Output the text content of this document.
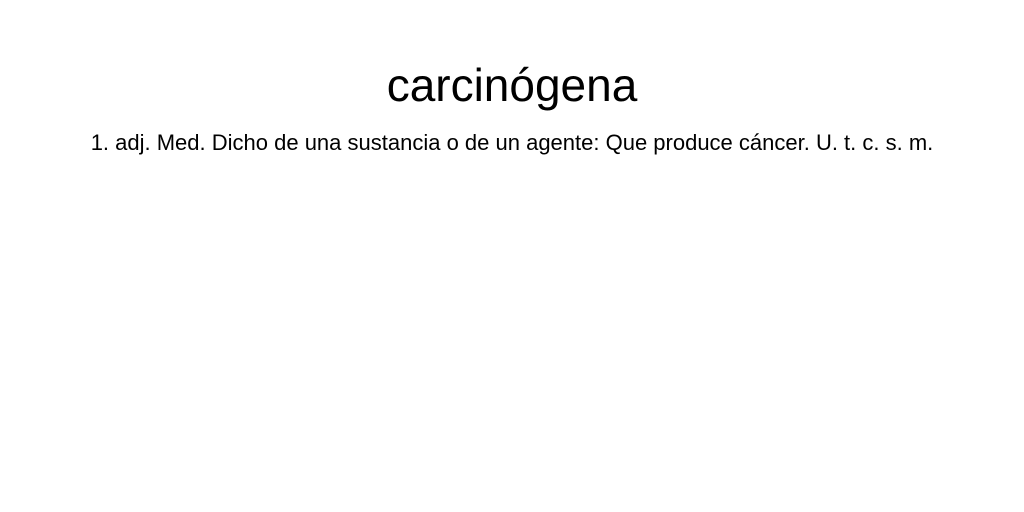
carcinógena

1. adj. Med. Dicho de una sustancia o de un agente: Que produce cáncer. U. t. c. s. m.
